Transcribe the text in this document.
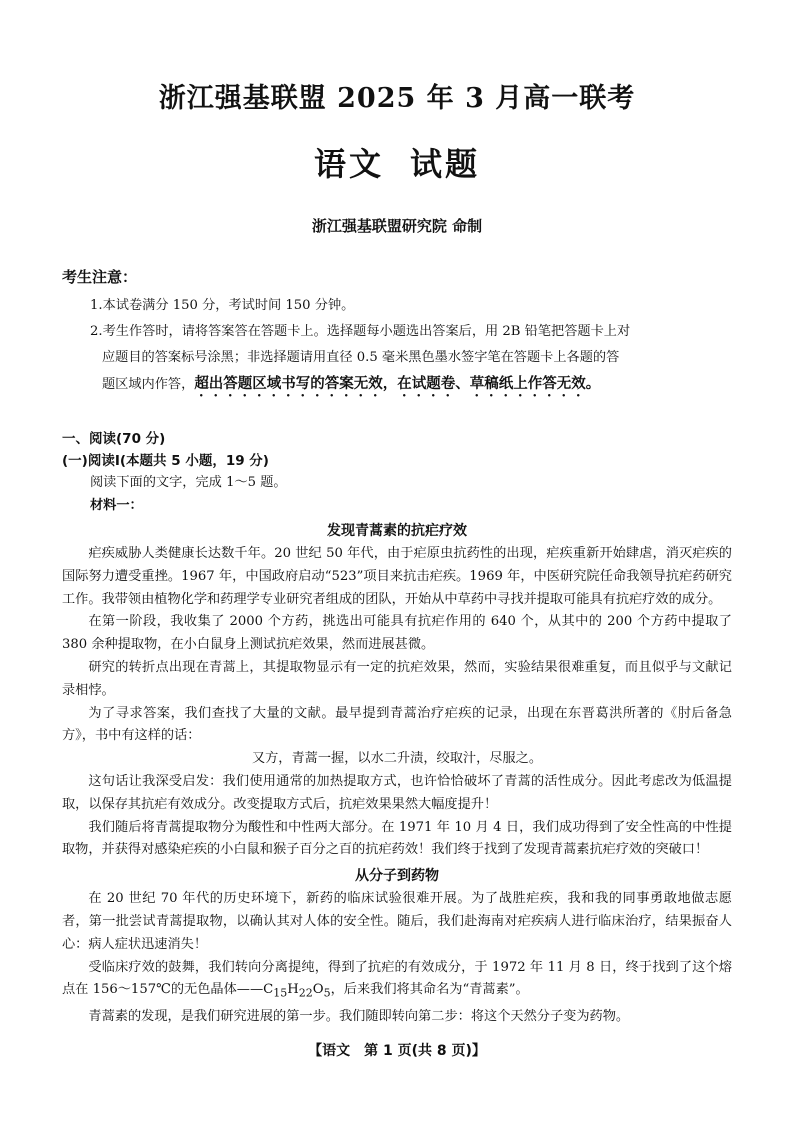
浙江强基联盟 2025 年 3 月高一联考
语文 试题
浙江强基联盟研究院 命制
考生注意：
1.本试卷满分 150 分，考试时间 150 分钟。
2.考生作答时，请将答案答在答题卡上。选择题每小题选出答案后，用 2B 铅笔把答题卡上对
应题目的答案标号涂黑；非选择题请用直径 0.5 毫米黑色墨水签字笔在答题卡上各题的答
题区域内作答，超出答题区域书写的答案无效，在试题卷、草稿纸上作答无效。
一、阅读(70 分)
(一)阅读Ⅰ(本题共 5 小题，19 分)
阅读下面的文字，完成 1～5 题。
材料一：
发现青蒿素的抗疟疗效

疟疾威胁人类健康长达数千年。20 世纪 50 年代，由于疟原虫抗药性的出现，疟疾重新开始肆虐，消灭疟疾的国际努力遭受重挫。1967 年，中国政府启动“523”项目来抗击疟疾。1969 年，中医研究院任命我领导抗疟药研究工作。我带领由植物化学和药理学专业研究者组成的团队，开始从中草药中寻找并提取可能具有抗疟疗效的成分。

在第一阶段，我收集了 2000 个方药，挑选出可能具有抗疟作用的 640 个，从其中的 200 个方药中提取了 380 余种提取物，在小白鼠身上测试抗疟效果，然而进展甚微。

研究的转折点出现在青蒿上，其提取物显示有一定的抗疟效果，然而，实验结果很难重复，而且似乎与文献记录相悖。

为了寻求答案，我们查找了大量的文献。最早提到青蒿治疗疟疾的记录，出现在东晋葛洪所著的《肘后备急方》，书中有这样的话：

又方，青蒿一握，以水二升渍，绞取汁，尽服之。

这句话让我深受启发：我们使用通常的加热提取方式，也许恰恰破坏了青蒿的活性成分。因此考虑改为低温提取，以保存其抗疟有效成分。改变提取方式后，抗疟效果果然大幅度提升！

我们随后将青蒿提取物分为酸性和中性两大部分。在 1971 年 10 月 4 日，我们成功得到了安全性高的中性提取物，并获得对感染疟疾的小白鼠和猴子百分之百的抗疟药效！我们终于找到了发现青蒿素抗疟疗效的突破口！

从分子到药物

在 20 世纪 70 年代的历史环境下，新药的临床试验很难开展。为了战胜疟疾，我和我的同事勇敢地做志愿者，第一批尝试青蒿提取物，以确认其对人体的安全性。随后，我们赴海南对疟疾病人进行临床治疗，结果振奋人心：病人症状迅速消失！

受临床疗效的鼓舞，我们转向分离提纯，得到了抗疟的有效成分，于 1972 年 11 月 8 日，终于找到了这个熔点在 156～157℃的无色晶体$——C_{15}H_{22}O_5$，后来我们将其命名为“青蒿素”。

青蒿素的发现，是我们研究进展的第一步。我们随即转向第二步：将这个天然分子变为药物。

【语文　第 1 页(共 8 页)】
